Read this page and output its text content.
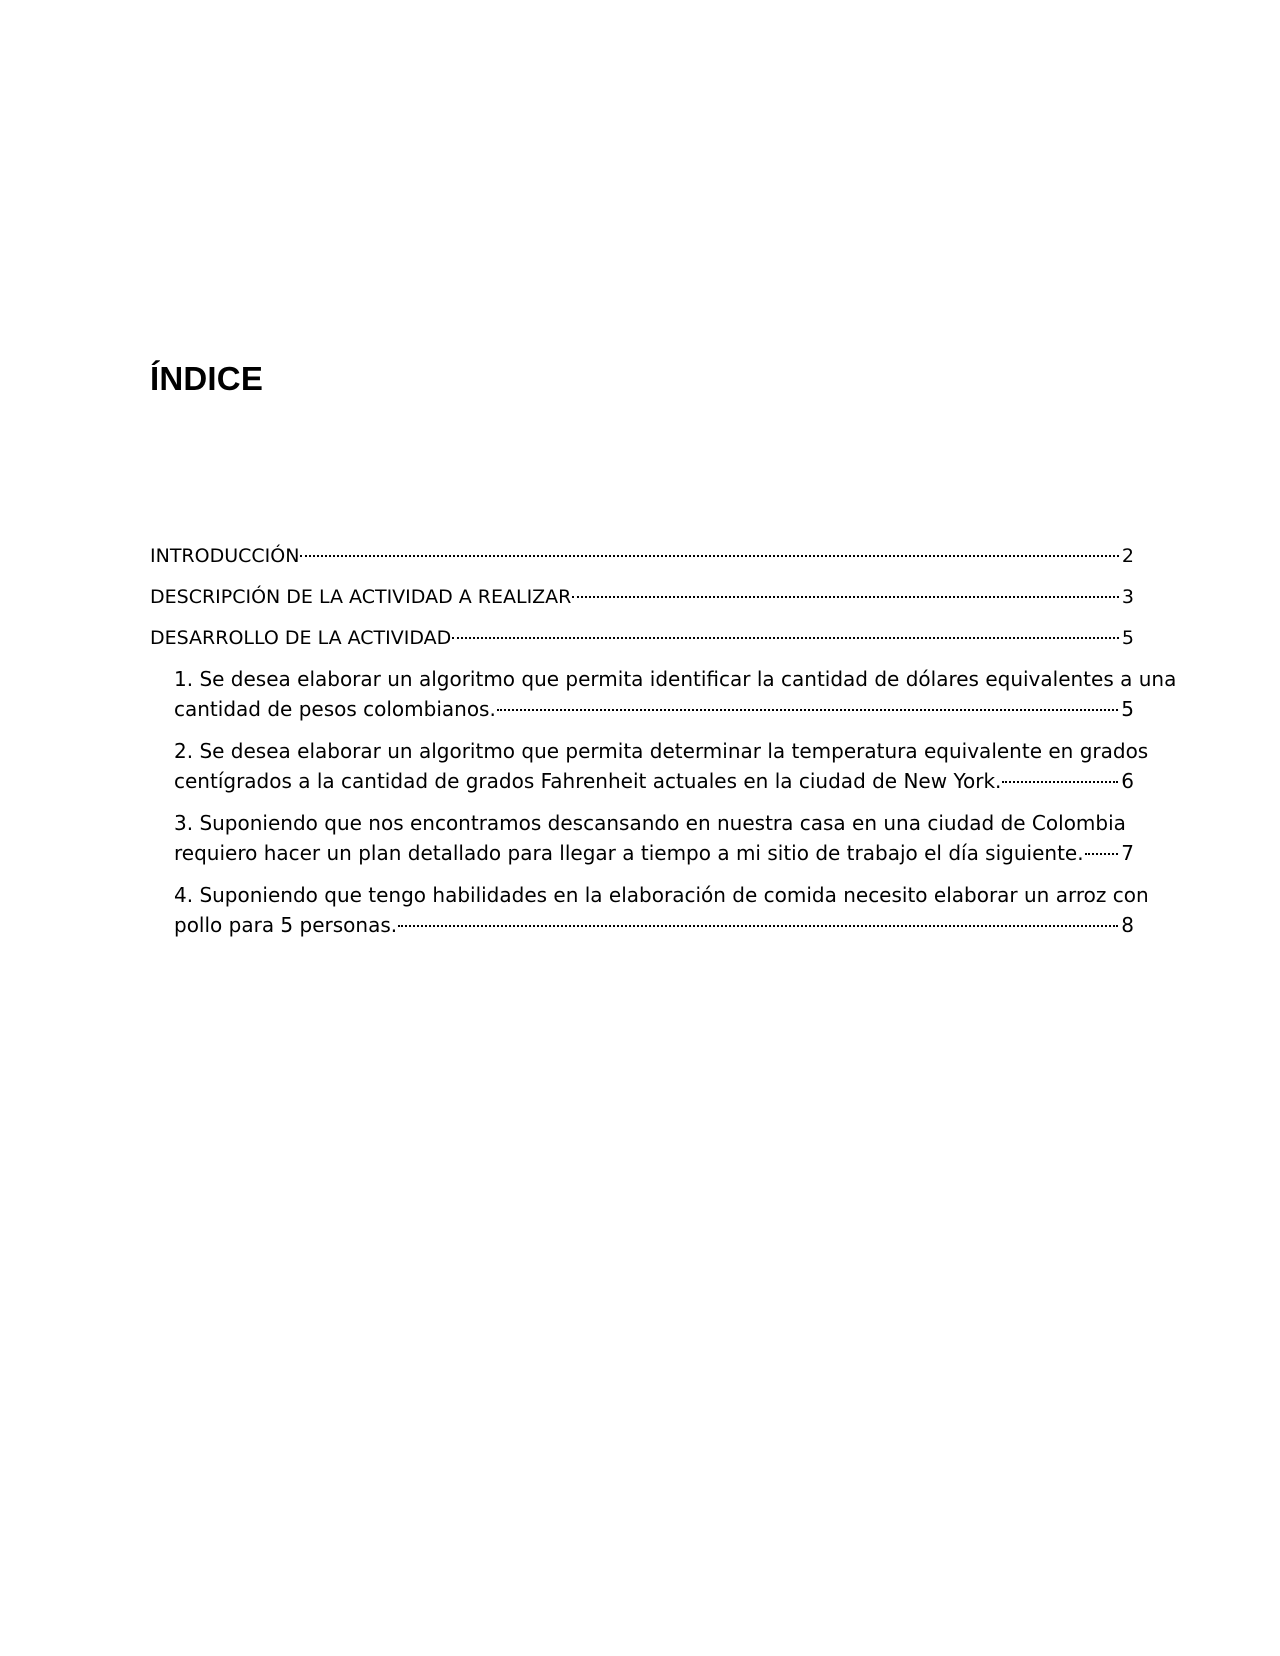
ÍNDICE
INTRODUCCIÓN	2
DESCRIPCIÓN DE LA ACTIVIDAD A REALIZAR	3
DESARROLLO DE LA ACTIVIDAD	5
1. Se desea elaborar un algoritmo que permita identificar la cantidad de dólares equivalentes a una
cantidad de pesos colombianos.	5
2. Se desea elaborar un algoritmo que permita determinar la temperatura equivalente en grados
centígrados a la cantidad de grados Fahrenheit actuales en la ciudad de New York.	6
3. Suponiendo que nos encontramos descansando en nuestra casa en una ciudad de Colombia
requiero hacer un plan detallado para llegar a tiempo a mi sitio de trabajo el día siguiente. 7
4. Suponiendo que tengo habilidades en la elaboración de comida necesito elaborar un arroz con
pollo para 5 personas.	8
